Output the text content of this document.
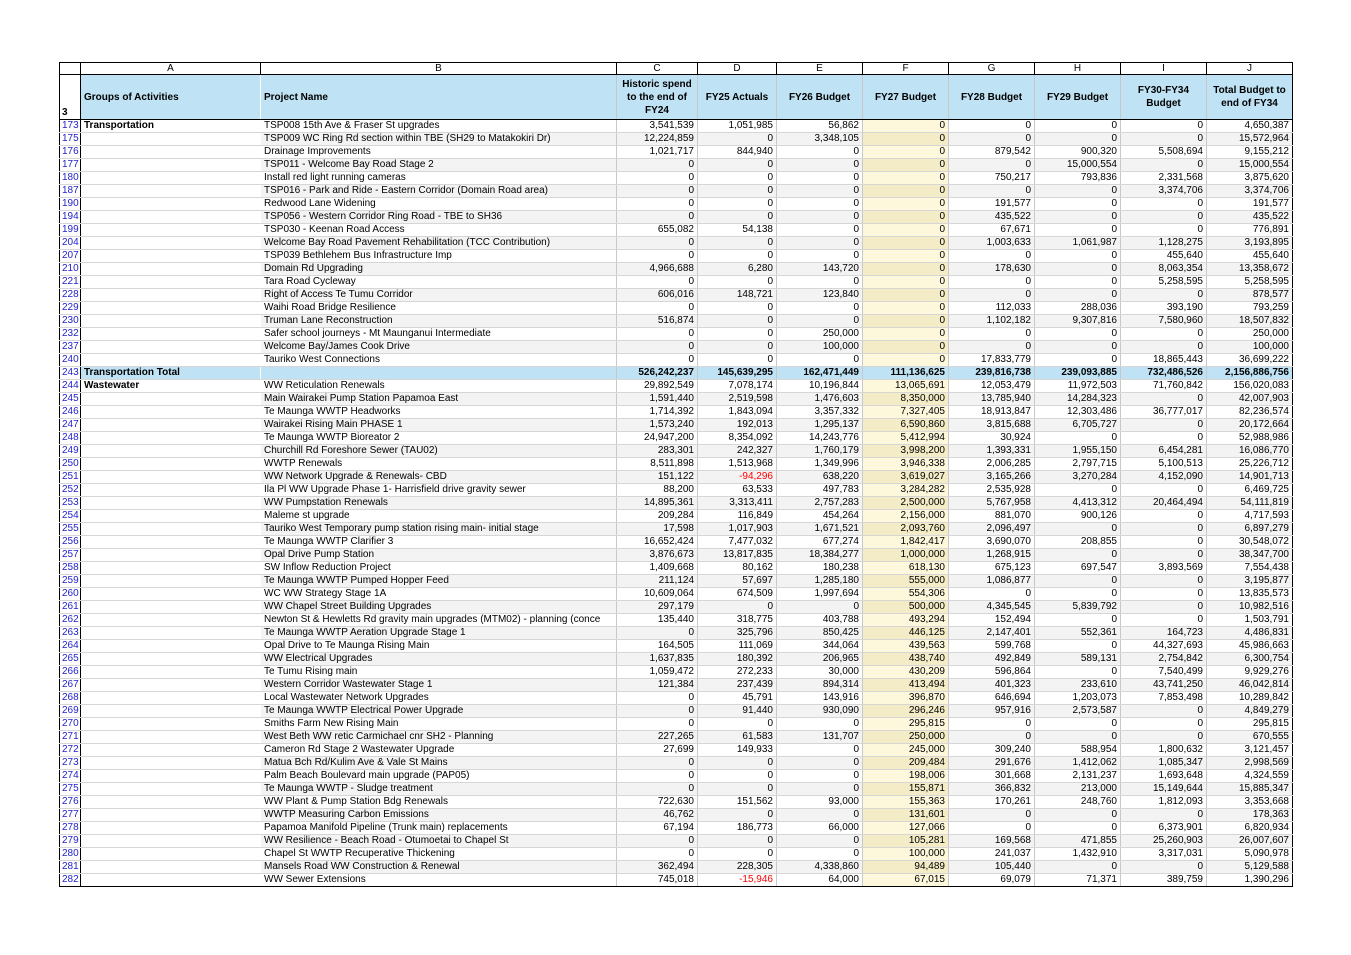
	A	B	C	D	E	F	G	H	I	J
3	Groups of Activities	Project Name	Historic spend to the end of FY24	FY25 Actuals	FY26 Budget	FY27 Budget	FY28 Budget	FY29 Budget	FY30-FY34 Budget	Total Budget to end of FY34
173	Transportation	TSP008 15th Ave & Fraser St upgrades	3,541,539	1,051,985	56,862	0	0	0	0	4,650,387
175		TSP009 WC Ring Rd section within TBE (SH29 to Matakokiri Dr)	12,224,859	0	3,348,105	0	0	0	0	15,572,964
176		Drainage Improvements	1,021,717	844,940	0	0	879,542	900,320	5,508,694	9,155,212
177		TSP011 - Welcome Bay Road Stage 2	0	0	0	0	0	15,000,554	0	15,000,554
180		Install red light running cameras	0	0	0	0	750,217	793,836	2,331,568	3,875,620
187		TSP016 - Park and Ride - Eastern Corridor (Domain Road area)	0	0	0	0	0	0	3,374,706	3,374,706
190		Redwood Lane Widening	0	0	0	0	191,577	0	0	191,577
194		TSP056 - Western Corridor Ring Road - TBE to SH36	0	0	0	0	435,522	0	0	435,522
199		TSP030 - Keenan Road Access	655,082	54,138	0	0	67,671	0	0	776,891
204		Welcome Bay Road Pavement Rehabilitation (TCC Contribution)	0	0	0	0	1,003,633	1,061,987	1,128,275	3,193,895
207		TSP039 Bethlehem Bus Infrastructure Imp	0	0	0	0	0	0	455,640	455,640
210		Domain Rd Upgrading	4,966,688	6,280	143,720	0	178,630	0	8,063,354	13,358,672
221		Tara Road Cycleway	0	0	0	0	0	0	5,258,595	5,258,595
228		Right of Access Te Tumu Corridor	606,016	148,721	123,840	0	0	0	0	878,577
229		Waihi Road Bridge Resilience	0	0	0	0	112,033	288,036	393,190	793,259
230		Truman Lane Reconstruction	516,874	0	0	0	1,102,182	9,307,816	7,580,960	18,507,832
232		Safer school journeys - Mt Maunganui Intermediate	0	0	250,000	0	0	0	0	250,000
237		Welcome Bay/James Cook Drive	0	0	100,000	0	0	0	0	100,000
240		Tauriko West Connections	0	0	0	0	17,833,779	0	18,865,443	36,699,222
243	Transportation Total		526,242,237	145,639,295	162,471,449	111,136,625	239,816,738	239,093,885	732,486,526	2,156,886,756
244	Wastewater	WW Reticulation Renewals	29,892,549	7,078,174	10,196,844	13,065,691	12,053,479	11,972,503	71,760,842	156,020,083
245		Main Wairakei Pump Station Papamoa East	1,591,440	2,519,598	1,476,603	8,350,000	13,785,940	14,284,323	0	42,007,903
246		Te Maunga WWTP Headworks	1,714,392	1,843,094	3,357,332	7,327,405	18,913,847	12,303,486	36,777,017	82,236,574
247		Wairakei Rising Main PHASE 1	1,573,240	192,013	1,295,137	6,590,860	3,815,688	6,705,727	0	20,172,664
248		Te Maunga WWTP Bioreator 2	24,947,200	8,354,092	14,243,776	5,412,994	30,924	0	0	52,988,986
249		Churchill Rd Foreshore Sewer (TAU02)	283,301	242,327	1,760,179	3,998,200	1,393,331	1,955,150	6,454,281	16,086,770
250		WWTP Renewals	8,511,898	1,513,968	1,349,996	3,946,338	2,006,285	2,797,715	5,100,513	25,226,712
251		WW Network Upgrade & Renewals- CBD	151,122	-94,296	638,220	3,619,027	3,165,266	3,270,284	4,152,090	14,901,713
252		Ila Pl WW Upgrade Phase 1- Harrisfield drive gravity sewer	88,200	63,533	497,783	3,284,282	2,535,928	0	0	6,469,725
253		WW Pumpstation Renewals	14,895,361	3,313,411	2,757,283	2,500,000	5,767,958	4,413,312	20,464,494	54,111,819
254		Maleme st upgrade	209,284	116,849	454,264	2,156,000	881,070	900,126	0	4,717,593
255		Tauriko West Temporary pump station rising main- initial stage	17,598	1,017,903	1,671,521	2,093,760	2,096,497	0	0	6,897,279
256		Te Maunga WWTP Clarifier 3	16,652,424	7,477,032	677,274	1,842,417	3,690,070	208,855	0	30,548,072
257		Opal Drive Pump Station	3,876,673	13,817,835	18,384,277	1,000,000	1,268,915	0	0	38,347,700
258		SW Inflow Reduction Project	1,409,668	80,162	180,238	618,130	675,123	697,547	3,893,569	7,554,438
259		Te Maunga WWTP Pumped Hopper Feed	211,124	57,697	1,285,180	555,000	1,086,877	0	0	3,195,877
260		WC WW Strategy Stage 1A	10,609,064	674,509	1,997,694	554,306	0	0	0	13,835,573
261		WW Chapel Street Building Upgrades	297,179	0	0	500,000	4,345,545	5,839,792	0	10,982,516
262		Newton St & Hewletts Rd gravity main upgrades (MTM02) - planning (conce	135,440	318,775	403,788	493,294	152,494	0	0	1,503,791
263		Te Maunga WWTP Aeration Upgrade Stage 1	0	325,796	850,425	446,125	2,147,401	552,361	164,723	4,486,831
264		Opal Drive to Te Maunga Rising Main	164,505	111,069	344,064	439,563	599,768	0	44,327,693	45,986,663
265		WW Electrical Upgrades	1,637,835	180,392	206,965	438,740	492,849	589,131	2,754,842	6,300,754
266		Te Tumu Rising main	1,059,472	272,233	30,000	430,209	596,864	0	7,540,499	9,929,276
267		Western Corridor Wastewater Stage 1	121,384	237,439	894,314	413,494	401,323	233,610	43,741,250	46,042,814
268		Local Wastewater Network Upgrades	0	45,791	143,916	396,870	646,694	1,203,073	7,853,498	10,289,842
269		Te Maunga WWTP Electrical Power Upgrade	0	91,440	930,090	296,246	957,916	2,573,587	0	4,849,279
270		Smiths Farm New Rising Main	0	0	0	295,815	0	0	0	295,815
271		West Beth WW retic Carmichael cnr SH2 - Planning	227,265	61,583	131,707	250,000	0	0	0	670,555
272		Cameron Rd Stage 2 Wastewater Upgrade	27,699	149,933	0	245,000	309,240	588,954	1,800,632	3,121,457
273		Matua Bch Rd/Kulim Ave & Vale St Mains	0	0	0	209,484	291,676	1,412,062	1,085,347	2,998,569
274		Palm Beach Boulevard main upgrade (PAP05)	0	0	0	198,006	301,668	2,131,237	1,693,648	4,324,559
275		Te Maunga WWTP - Sludge treatment	0	0	0	155,871	366,832	213,000	15,149,644	15,885,347
276		WW Plant & Pump Station Bdg Renewals	722,630	151,562	93,000	155,363	170,261	248,760	1,812,093	3,353,668
277		WWTP Measuring Carbon Emissions	46,762	0	0	131,601	0	0	0	178,363
278		Papamoa Manifold Pipeline (Trunk main) replacements	67,194	186,773	66,000	127,066	0	0	6,373,901	6,820,934
279		WW Resilience - Beach Road - Otumoetai to Chapel St	0	0	0	105,281	169,568	471,855	25,260,903	26,007,607
280		Chapel St WWTP Recuperative Thickening	0	0	0	100,000	241,037	1,432,910	3,317,031	5,090,978
281		Mansels Road WW Construction & Renewal	362,494	228,305	4,338,860	94,489	105,440	0	0	5,129,588
282		WW Sewer Extensions	745,018	-15,946	64,000	67,015	69,079	71,371	389,759	1,390,296
